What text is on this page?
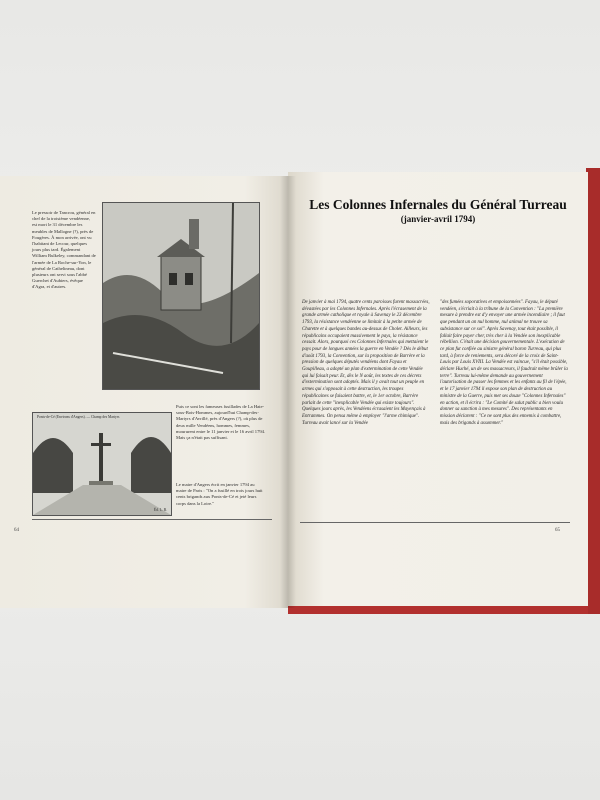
Le pressoir de Tancrou, général en chef de la troisième vendéenne, est mort le 31 décembre les meubles de Mallogne (?), près de Fougères. À mon arrivée, ont vu l'habitant de Lecour, quelques jours plus tard. Également William Bulkeley, commandant de l'armée de La Roche-sur-Yon, le général de Cathelineau, dont plusieurs ont servi sous l'abbé Guerchet d'Aubiers, évêque d'Agra, et d'autres.
Ponts-de-Cé (Environs d'Angers). — Champ des Martyrs
Éd. L. B.
Puis ce sont les fameuses fusillades de La Haie-sous-Bois-Hommes, aujourd'hui Champ-des-Martyrs d'Avrillé, près d'Angers (?), où plus de deux mille Vendéens, hommes, femmes, moururent entre le 11 janvier et le 16 avril 1794. Mais ça n'était pas suffisant.
Le maire d'Angers écrit en janvier 1794 au maire de Paris : "On a fusillé en trois jours huit cents brigands aux Ponts-de-Cé et jeté leurs corps dans la Loire."
64
Les Colonnes Infernales du Général Turreau
(janvier-avril 1794)
De janvier à mai 1794, quatre cents paroisses furent massacrées, dévastées par les Colonnes Infernales. Après l'écrasement de la grande armée catholique et royale à Savenay le 23 décembre 1793, la résistance vendéenne se limitait à la petite armée de Charette et à quelques bandes au-dessus de Cholet. Ailleurs, les républicains occupaient massivement le pays, la résistance cessait. Alors, pourquoi ces Colonnes Infernales qui mettaient le pays pour de longues années la guerre en Vendée ? Dès le début d'août 1793, la Convention, sur la proposition de Barrère et la pression de quelques députés vendéens dont Fayau et Goupilleau, a adopté un plan d'extermination de cette Vendée qui lui faisait peur. Et, dès le N août, les textes de ces décrets d'extermination sont adoptés. Mais il y avait tout un peuple en armes qui s'opposait à cette destruction, les troupes républicaines se faisaient battre, et, le 1er octobre, Barrère parlait de cette "inexplicable Vendée qui existe toujours". Quelques jours après, les Vendéens écrasaient les Mayençais à Entrammes. On pensa même à employer "l'arme chimique". Turreau avait lancé sur la Vendée
"des fumées soporatives et empoisonnées". Fayau, le député vendéen, s'écriait à la tribune de la Convention : "La première mesure à prendre est d'y envoyer une armée incendiaire ; il faut que pendant un an nul homme, nul animal ne trouve sa subsistance sur ce sol". Après Savenay, tout était possible, il fallait faire payer cher, très cher à la Vendée son inexplicable rébellion. C'était une décision gouvernementale. L'exécution de ce plan fut confiée au sinistre général baron Turreau, qui plus tard, à force de reniements, sera décoré de la croix de Saint-Louis par Louis XVIII. La Vendée est vaincue, "s'il était possible, déclare Huché, un de ses massacreurs, il faudrait même brûler la terre". Turreau lui-même demande au gouvernement l'autorisation de passer les femmes et les enfants au fil de l'épée, et le 17 janvier 1794 il expose son plan de destruction au ministre de la Guerre, puis met ses douze "Colonnes Infernales" en action, et il écrira : "Le Comité de salut public a bien voulu donner sa sanction à mes mesures". Des représentants en mission déclarent : "Ce ne sont plus des ennemis à combattre, mais des brigands à assommer."
65
